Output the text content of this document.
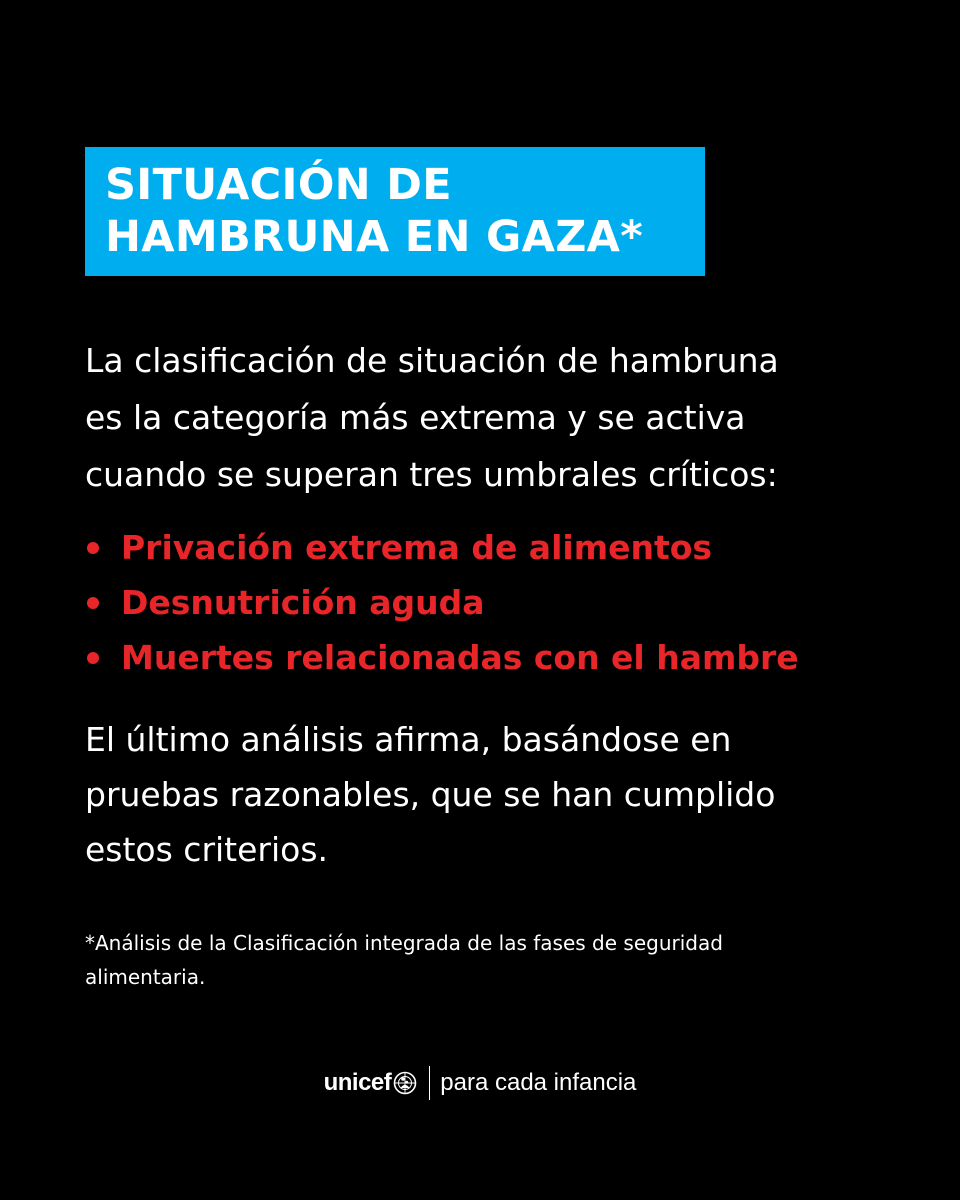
SITUACIÓN DE
HAMBRUNA EN GAZA*

La clasificación de situación de hambruna
es la categoría más extrema y se activa
cuando se superan tres umbrales críticos:

Privación extrema de alimentos
Desnutrición aguda
Muertes relacionadas con el hambre

El último análisis afirma, basándose en
pruebas razonables, que se han cumplido
estos criterios.

*Análisis de la Clasificación integrada de las fases de seguridad
alimentaria.

unicef para cada infancia
